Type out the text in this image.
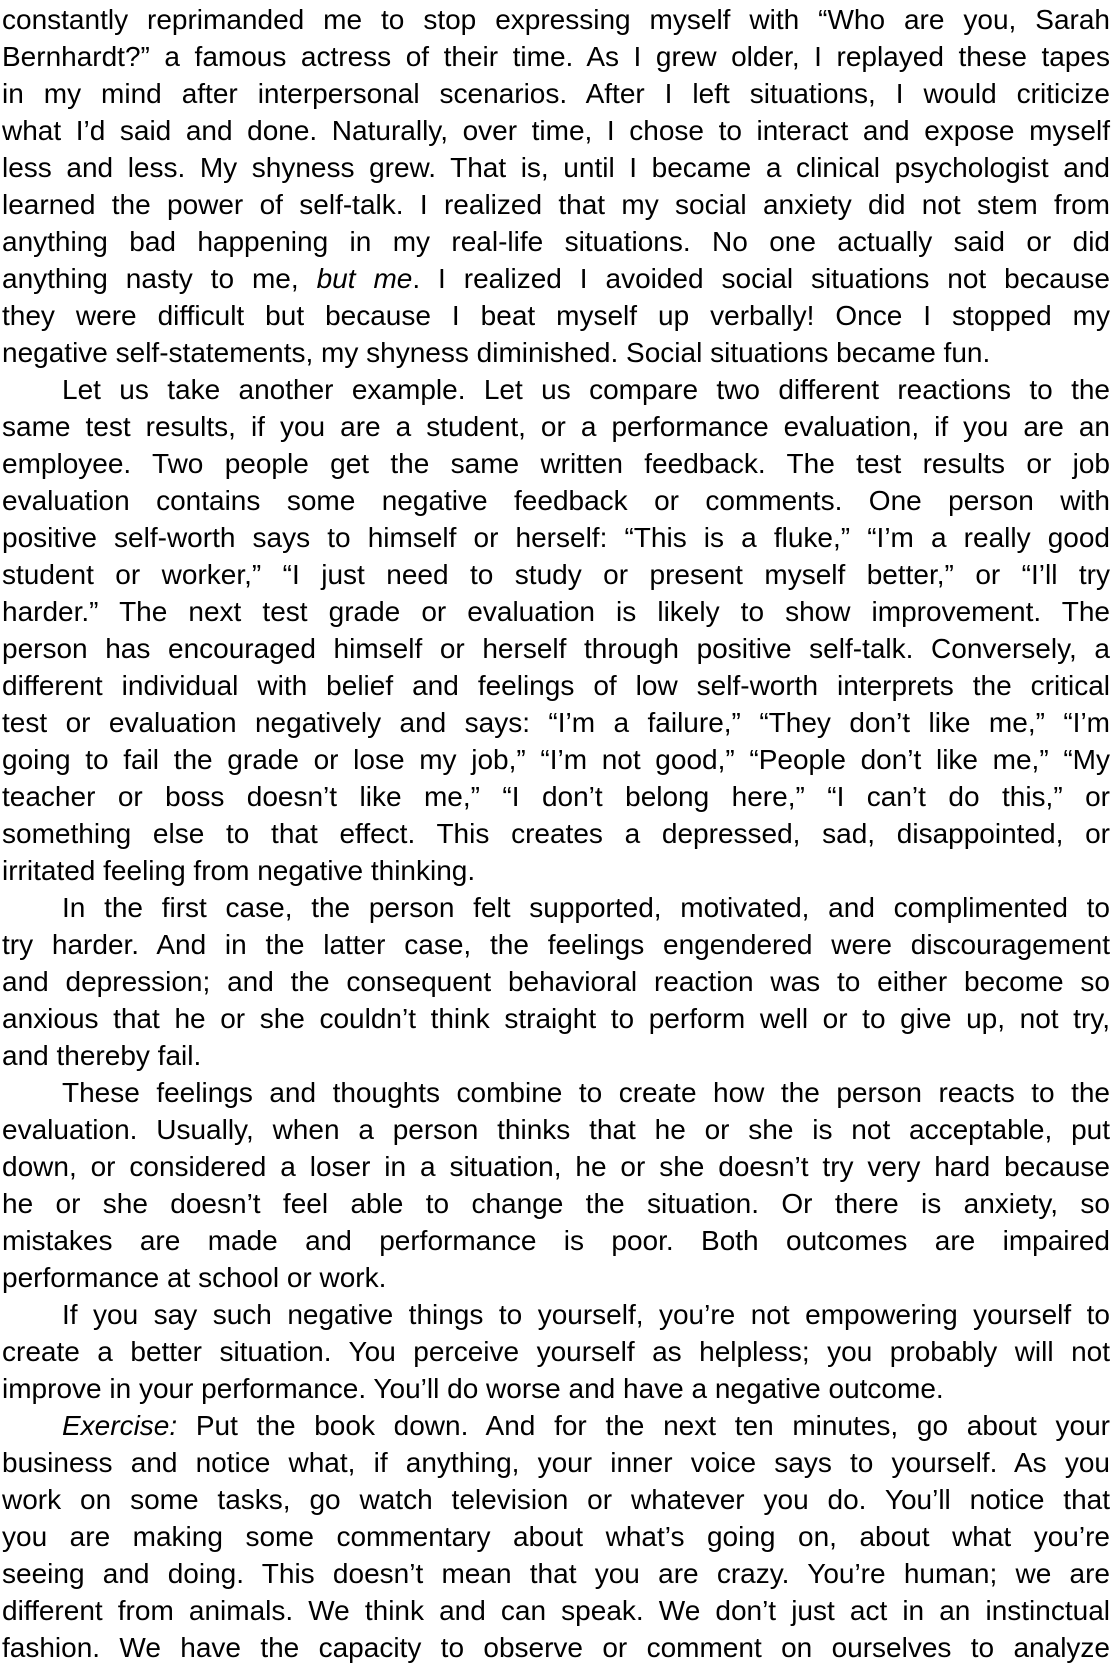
constantly reprimanded me to stop expressing myself with “Who are you, Sarah
Bernhardt?” a famous actress of their time. As I grew older, I replayed these tapes
in my mind after interpersonal scenarios. After I left situations, I would criticize
what I’d said and done. Naturally, over time, I chose to interact and expose myself
less and less. My shyness grew. That is, until I became a clinical psychologist and
learned the power of self-talk. I realized that my social anxiety did not stem from
anything bad happening in my real-life situations. No one actually said or did
anything nasty to me, but me. I realized I avoided social situations not because
they were difficult but because I beat myself up verbally! Once I stopped my
negative self-statements, my shyness diminished. Social situations became fun.
Let us take another example. Let us compare two different reactions to the
same test results, if you are a student, or a performance evaluation, if you are an
employee. Two people get the same written feedback. The test results or job
evaluation contains some negative feedback or comments. One person with
positive self-worth says to himself or herself: “This is a fluke,” “I’m a really good
student or worker,” “I just need to study or present myself better,” or “I’ll try
harder.” The next test grade or evaluation is likely to show improvement. The
person has encouraged himself or herself through positive self-talk. Conversely, a
different individual with belief and feelings of low self-worth interprets the critical
test or evaluation negatively and says: “I’m a failure,” “They don’t like me,” “I’m
going to fail the grade or lose my job,” “I’m not good,” “People don’t like me,” “My
teacher or boss doesn’t like me,” “I don’t belong here,” “I can’t do this,” or
something else to that effect. This creates a depressed, sad, disappointed, or
irritated feeling from negative thinking.
In the first case, the person felt supported, motivated, and complimented to
try harder. And in the latter case, the feelings engendered were discouragement
and depression; and the consequent behavioral reaction was to either become so
anxious that he or she couldn’t think straight to perform well or to give up, not try,
and thereby fail.
These feelings and thoughts combine to create how the person reacts to the
evaluation. Usually, when a person thinks that he or she is not acceptable, put
down, or considered a loser in a situation, he or she doesn’t try very hard because
he or she doesn’t feel able to change the situation. Or there is anxiety, so
mistakes are made and performance is poor. Both outcomes are impaired
performance at school or work.
If you say such negative things to yourself, you’re not empowering yourself to
create a better situation. You perceive yourself as helpless; you probably will not
improve in your performance. You’ll do worse and have a negative outcome.
Exercise: Put the book down. And for the next ten minutes, go about your
business and notice what, if anything, your inner voice says to yourself. As you
work on some tasks, go watch television or whatever you do. You’ll notice that
you are making some commentary about what’s going on, about what you’re
seeing and doing. This doesn’t mean that you are crazy. You’re human; we are
different from animals. We think and can speak. We don’t just act in an instinctual
fashion. We have the capacity to observe or comment on ourselves to analyze
